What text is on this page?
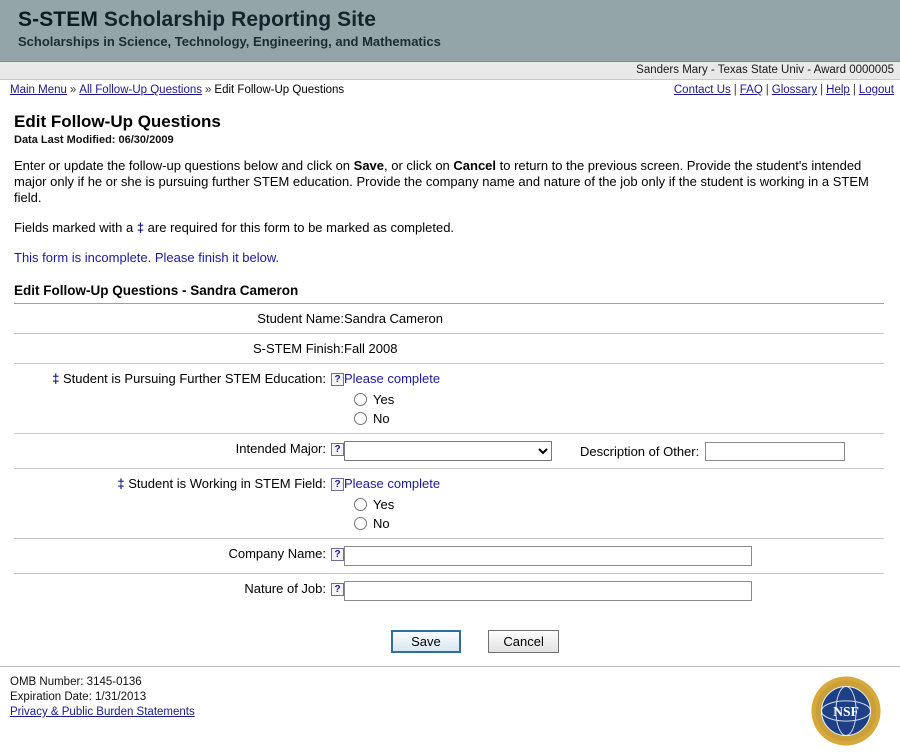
S-STEM Scholarship Reporting Site
Scholarships in Science, Technology, Engineering, and Mathematics
Sanders Mary - Texas State Univ - Award 0000005
Main Menu » All Follow-Up Questions » Edit Follow-Up Questions	Contact Us | FAQ | Glossary | Help | Logout
Edit Follow-Up Questions
Data Last Modified: 06/30/2009

Enter or update the follow-up questions below and click on Save, or click on Cancel to return to the previous screen. Provide the student's intended major only if he or she is pursuing further STEM education. Provide the company name and nature of the job only if the student is working in a STEM field.

Fields marked with a ‡ are required for this form to be marked as completed.

This form is incomplete. Please finish it below.
Edit Follow-Up Questions - Sandra Cameron
Student Name:	Sandra Cameron
S-STEM Finish:	Fall 2008
‡ Student is Pursuing Further STEM Education: ?	Please complete
Yes
No

Intended Major: ?	Description of Other:

‡ Student is Working in STEM Field: ?	Please complete
Yes
No

Company Name: ?	
Nature of Job: ?	
Save	Cancel
OMB Number: 3145-0136
Expiration Date: 1/31/2013
Privacy & Public Burden Statements	NSF
